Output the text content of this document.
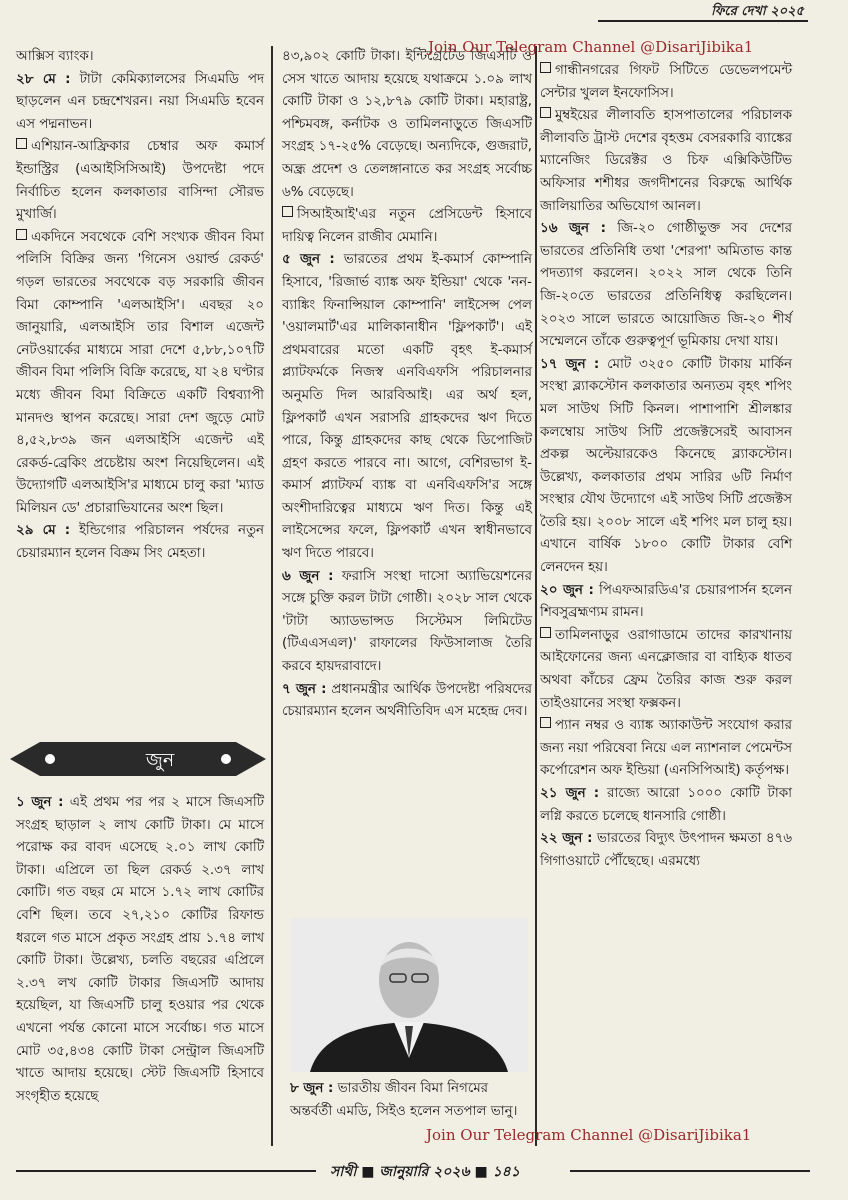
ফিরে দেখা ২০২৫

আক্সিস ব্যাংক।

২৮ মে : টাটা কেমিক্যালসের সিএমডি পদ ছাড়লেন এন চন্দ্রশেখরন। নয়া সিএমডি হবেন এস পদ্মনাভন।

এশিয়ান-আফ্রিকার চেম্বার অফ কমার্স ইন্ডাস্ট্রির (এআইসিসিআই) উপদেষ্টা পদে নির্বাচিত হলেন কলকাতার বাসিন্দা সৌরভ মুখার্জি।

একদিনে সবথেকে বেশি সংখ্যক জীবন বিমা পলিসি বিক্রির জন্য 'গিনেস ওয়ার্ল্ড রেকর্ড' গড়ল ভারতের সবথেকে বড় সরকারি জীবন বিমা কোম্পানি 'এলআইসি'। এবছর ২০ জানুয়ারি, এলআইসি তার বিশাল এজেন্ট নেটওয়ার্কের মাধ্যমে সারা দেশে ৫,৮৮,১০৭টি জীবন বিমা পলিসি বিক্রি করেছে, যা ২৪ ঘণ্টার মধ্যে জীবন বিমা বিক্রিতে একটি বিশ্বব্যাপী মানদণ্ড স্থাপন করেছে। সারা দেশ জুড়ে মোট ৪,৫২,৮৩৯ জন এলআইসি এজেন্ট এই রেকর্ড-ব্রেকিং প্রচেষ্টায় অংশ নিয়েছিলেন। এই উদ্যোগটি এলআইসি'র মাধ্যমে চালু করা 'ম্যাড মিলিয়ন ডে' প্রচারাভিযানের অংশ ছিল।

২৯ মে : ইন্ডিগোর পরিচালন পর্ষদের নতুন চেয়ারম্যান হলেন বিক্রম সিং মেহতা।

জুন

১ জুন : এই প্রথম পর পর ২ মাসে জিএসটি সংগ্রহ ছাড়াল ২ লাখ কোটি টাকা। মে মাসে পরোক্ষ কর বাবদ এসেছে ২.০১ লাখ কোটি টাকা। এপ্রিলে তা ছিল রেকর্ড ২.৩৭ লাখ কোটি। গত বছর মে মাসে ১.৭২ লাখ কোটির বেশি ছিল। তবে ২৭,২১০ কোটির রিফান্ড ধরলে গত মাসে প্রকৃত সংগ্রহ প্রায় ১.৭৪ লাখ কোটি টাকা। উল্লেখ্য, চলতি বছরের এপ্রিলে ২.৩৭ লখ কোটি টাকার জিএসটি আদায় হয়েছিল, যা জিএসটি চালু হওয়ার পর থেকে এখনো পর্যন্ত কোনো মাসে সর্বোচ্চ। গত মাসে মোট ৩৫,৪৩৪ কোটি টাকা সেন্ট্রাল জিএসটি খাতে আদায় হয়েছে। স্টেট জিএসটি হিসাবে সংগৃহীত হয়েছে

৪৩,৯০২ কোটি টাকা। ইন্টিগ্রেটেড জিএসটি ও সেস খাতে আদায় হয়েছে যথাক্রমে ১.০৯ লাখ কোটি টাকা ও ১২,৮৭৯ কোটি টাকা। মহারাষ্ট্র, পশ্চিমবঙ্গ, কর্নাটক ও তামিলনাড়ুতে জিএসটি সংগ্রহ ১৭-২৫% বেড়েছে। অন্যদিকে, গুজরাট, অন্ধ্র প্রদেশ ও তেলঙ্গানাতে কর সংগ্রহ সর্বোচ্চ ৬% বেড়েছে।

সিআইআই'এর নতুন প্রেসিডেন্ট হিসাবে দায়িত্ব নিলেন রাজীব মেমানি।

৫ জুন : ভারতের প্রথম ই-কমার্স কোম্পানি হিসাবে, 'রিজার্ভ ব্যাঙ্ক অফ ইন্ডিয়া' থেকে 'নন-ব্যাঙ্কিং ফিনান্সিয়াল কোম্পানি' লাইসেন্স পেল 'ওয়ালমার্ট'এর মালিকানাধীন 'ফ্লিপকার্ট'। এই প্রথমবারের মতো একটি বৃহৎ ই-কমার্স প্ল্যাটফর্মকে নিজস্ব এনবিএফসি পরিচালনার অনুমতি দিল আরবিআই। এর অর্থ হল, ফ্লিপকার্ট এখন সরাসরি গ্রাহকদের ঋণ দিতে পারে, কিন্তু গ্রাহকদের কাছ থেকে ডিপোজিট গ্রহণ করতে পারবে না। আগে, বেশিরভাগ ই-কমার্স প্ল্যাটফর্ম ব্যাঙ্ক বা এনবিএফসি'র সঙ্গে অংশীদারিত্বের মাধ্যমে ঋণ দিত। কিন্তু এই লাইসেন্সের ফলে, ফ্লিপকার্ট এখন স্বাধীনভাবে ঋণ দিতে পারবে।

৬ জুন : ফরাসি সংস্থা দাসো অ্যাভিয়েশনের সঙ্গে চুক্তি করল টাটা গোষ্ঠী। ২০২৮ সাল থেকে 'টাটা অ্যাডভান্সড সিস্টেমস লিমিটেড (টিএএসএল)' রাফালের ফিউসালাজ তৈরি করবে হায়দরাবাদে।

৭ জুন : প্রধানমন্ত্রীর আর্থিক উপদেষ্টা পরিষদের চেয়ারম্যান হলেন অর্থনীতিবিদ এস মহেন্দ্র দেব।

৮ জুন : ভারতীয় জীবন বিমা নিগমের অন্তর্বর্তী এমডি, সিইও হলেন সতপাল ভানু।

গান্ধীনগরের গিফট সিটিতে ডেভেলপমেন্ট সেন্টার খুলল ইনফোসিস।

মুম্বইয়ের লীলাবতি হাসপাতালের পরিচালক লীলাবতি ট্রাস্ট দেশের বৃহত্তম বেসরকারি ব্যাঙ্কের ম্যানেজিং ডিরেক্টর ও চিফ এক্সিকিউটিভ অফিসার শশীধর জগদীশনের বিরুদ্ধে আর্থিক জালিয়াতির অভিযোগ আনল।

১৬ জুন : জি-২০ গোষ্ঠীভুক্ত সব দেশের ভারতের প্রতিনিধি তথা 'শেরপা' অমিতাভ কান্ত পদত্যাগ করলেন। ২০২২ সাল থেকে তিনি জি-২০তে ভারতের প্রতিনিধিত্ব করছিলেন। ২০২৩ সালে ভারতে আয়োজিত জি-২০ শীর্ষ সম্মেলনে তাঁকে গুরুত্বপূর্ণ ভূমিকায় দেখা যায়।

১৭ জুন : মোট ৩২৫০ কোটি টাকায় মার্কিন সংস্থা ব্ল্যাকস্টোন কলকাতার অন্যতম বৃহৎ শপিং মল সাউথ সিটি কিনল। পাশাপাশি শ্রীলঙ্কার কলম্বোয় সাউথ সিটি প্রজেক্টসেরই আবাসন প্রকল্প অল্টেয়ারকেও কিনেছে ব্ল্যাকস্টোন। উল্লেখ্য, কলকাতার প্রথম সারির ৬টি নির্মাণ সংস্থার যৌথ উদ্যোগে এই সাউথ সিটি প্রজেক্টস তৈরি হয়। ২০০৮ সালে এই শপিং মল চালু হয়। এখানে বার্ষিক ১৮০০ কোটি টাকার বেশি লেনদেন হয়।

২০ জুন : পিএফআরডিএ'র চেয়ারপার্সন হলেন শিবসুব্রহ্মণ্যম রামন।

তামিলনাড়ুর ওরাগাডামে তাদের কারখানায় আইফোনের জন্য এনক্লোজার বা বাহ্যিক ধাতব অথবা কাঁচের ফ্রেম তৈরির কাজ শুরু করল তাইওয়ানের সংস্থা ফক্সকন।

প্যান নম্বর ও ব্যাঙ্ক অ্যাকাউন্ট সংযোগ করার জন্য নয়া পরিষেবা নিয়ে এল ন্যাশনাল পেমেন্টস কর্পোরেশন অফ ইন্ডিয়া (এনসিপিআই) কর্তৃপক্ষ।

২১ জুন : রাজ্যে আরো ১০০০ কোটি টাকা লগ্নি করতে চলেছে ধানসারি গোষ্ঠী।

২২ জুন : ভারতের বিদ্যুৎ উৎপাদন ক্ষমতা ৪৭৬ গিগাওয়াটে পৌঁছেছে। এরমধ্যে

Join Our Telegram Channel @DisariJibika1
Join Our Telegram Channel @DisariJibika1
সাথী ■ জানুয়ারি ২০২৬ ■ ১৪১
